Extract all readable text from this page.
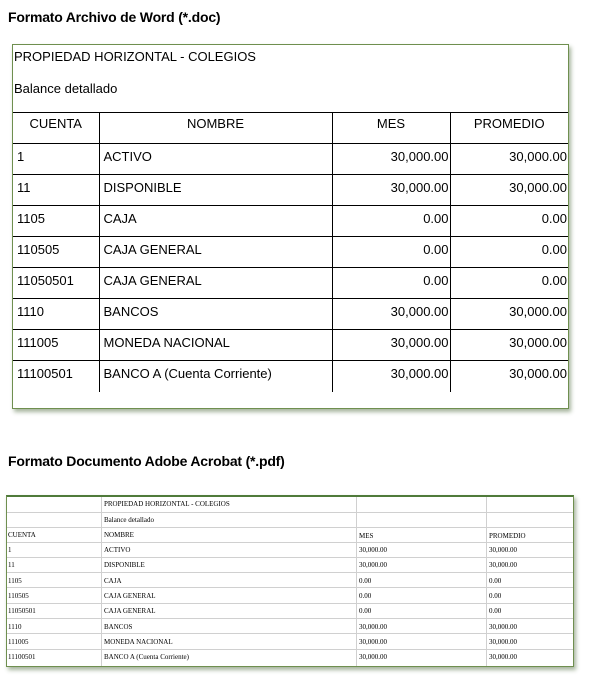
Formato Archivo de Word (*.doc)
PROPIEDAD HORIZONTAL - COLEGIOS
Balance detallado
CUENTA	NOMBRE	MES	PROMEDIO
1	ACTIVO	30,000.00	30,000.00
11	DISPONIBLE	30,000.00	30,000.00
1105	CAJA	0.00	0.00
110505	CAJA GENERAL	0.00	0.00
11050501	CAJA GENERAL	0.00	0.00
1110	BANCOS	30,000.00	30,000.00
111005	MONEDA NACIONAL	30,000.00	30,000.00
11100501	BANCO A (Cuenta Corriente)	30,000.00	30,000.00
Formato Documento Adobe Acrobat (*.pdf)
PROPIEDAD HORIZONTAL - COLEGIOS
Balance detallado
CUENTA	NOMBRE	MES	PROMEDIO
1	ACTIVO	30,000.00	30,000.00
11	DISPONIBLE	30,000.00	30,000.00
1105	CAJA	0.00	0.00
110505	CAJA GENERAL	0.00	0.00
11050501	CAJA GENERAL	0.00	0.00
1110	BANCOS	30,000.00	30,000.00
111005	MONEDA NACIONAL	30,000.00	30,000.00
11100501	BANCO A (Cuenta Corriente)	30,000.00	30,000.00
